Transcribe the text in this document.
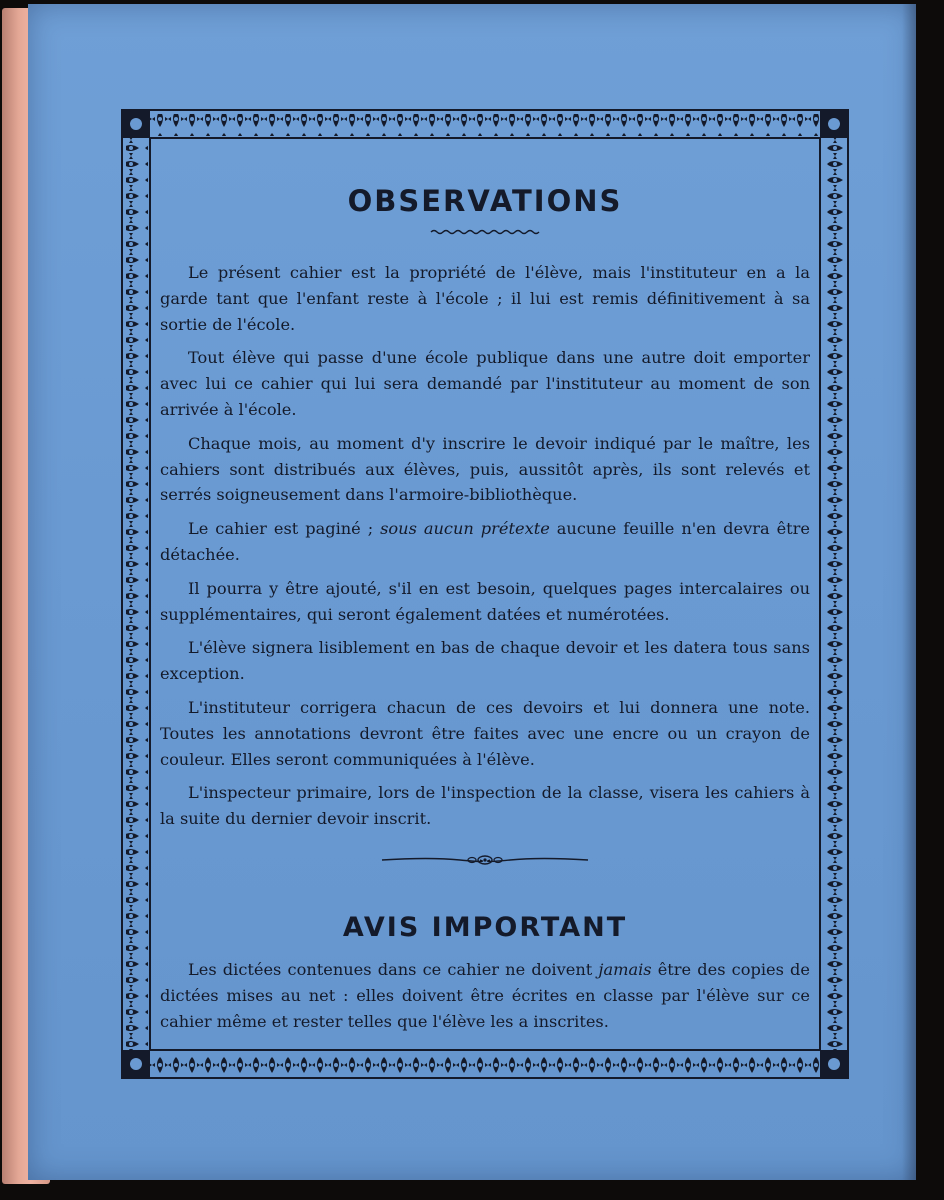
OBSERVATIONS

Le présent cahier est la propriété de l'élève, mais l'instituteur en a la garde tant que l'enfant reste à l'école ; il lui est remis définitivement à sa sortie de l'école.

Tout élève qui passe d'une école publique dans une autre doit emporter avec lui ce cahier qui lui sera demandé par l'instituteur au moment de son arrivée à l'école.

Chaque mois, au moment d'y inscrire le devoir indiqué par le maître, les cahiers sont distribués aux élèves, puis, aussitôt après, ils sont relevés et serrés soigneusement dans l'armoire-bibliothèque.

Le cahier est paginé ; sous aucun prétexte aucune feuille n'en devra être détachée.

Il pourra y être ajouté, s'il en est besoin, quelques pages intercalaires ou supplémentaires, qui seront également datées et numérotées.

L'élève signera lisiblement en bas de chaque devoir et les datera tous sans exception.

L'instituteur corrigera chacun de ces devoirs et lui donnera une note. Toutes les annotations devront être faites avec une encre ou un crayon de couleur. Elles seront communiquées à l'élève.

L'inspecteur primaire, lors de l'inspection de la classe, visera les cahiers à la suite du dernier devoir inscrit.

AVIS IMPORTANT

Les dictées contenues dans ce cahier ne doivent jamais être des copies de dictées mises au net : elles doivent être écrites en classe par l'élève sur ce cahier même et rester telles que l'élève les a inscrites.
